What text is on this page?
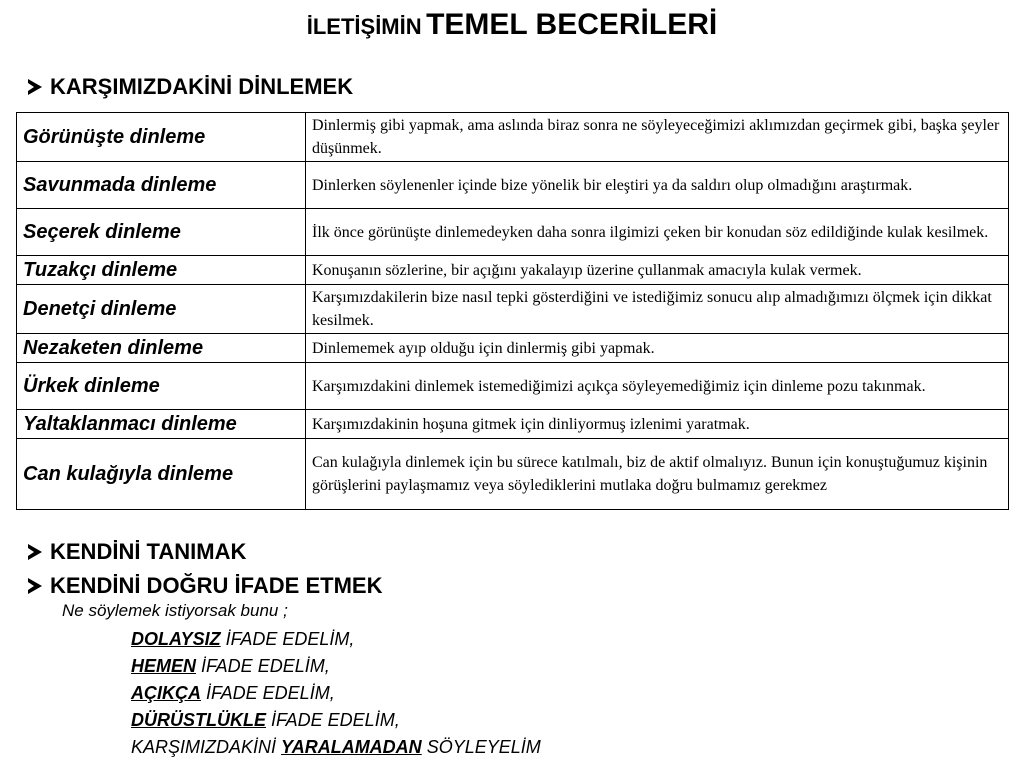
İLETİŞİMİN TEMEL BECERİLERİ
KARŞIMIZDAKİNİ DİNLEMEK
Görünüşte dinleme	Dinlermiş gibi yapmak, ama aslında biraz sonra ne söyleyeceğimizi aklımızdan geçirmek gibi, başka şeyler düşünmek.
Savunmada dinleme	Dinlerken söylenenler içinde bize yönelik bir eleştiri ya da saldırı olup olmadığını araştırmak.
Seçerek dinleme	İlk önce görünüşte dinlemedeyken daha sonra ilgimizi çeken bir konudan söz edildiğinde kulak kesilmek.
Tuzakçı dinleme	Konuşanın sözlerine, bir açığını yakalayıp üzerine çullanmak amacıyla kulak vermek.
Denetçi dinleme	Karşımızdakilerin bize nasıl tepki gösterdiğini ve istediğimiz sonucu alıp almadığımızı ölçmek için dikkat kesilmek.
Nezaketen dinleme	Dinlememek ayıp olduğu için dinlermiş gibi yapmak.
Ürkek dinleme	Karşımızdakini dinlemek istemediğimizi açıkça söyleyemediğimiz için dinleme pozu takınmak.
Yaltaklanmacı dinleme	Karşımızdakinin hoşuna gitmek için dinliyormuş izlenimi yaratmak.
Can kulağıyla dinleme	Can kulağıyla dinlemek için bu sürece katılmalı, biz de aktif olmalıyız. Bunun için konuştuğumuz kişinin görüşlerini paylaşmamız veya söylediklerini mutlaka doğru bulmamız gerekmez
KENDİNİ TANIMAK
KENDİNİ DOĞRU İFADE ETMEK
Ne söylemek istiyorsak bunu ;
DOLAYSIZ İFADE EDELİM,
HEMEN İFADE EDELİM,
AÇIKÇA İFADE EDELİM,
DÜRÜSTLÜKLE İFADE EDELİM,
KARŞIMIZDAKİNİ YARALAMADAN SÖYLEYELİM
